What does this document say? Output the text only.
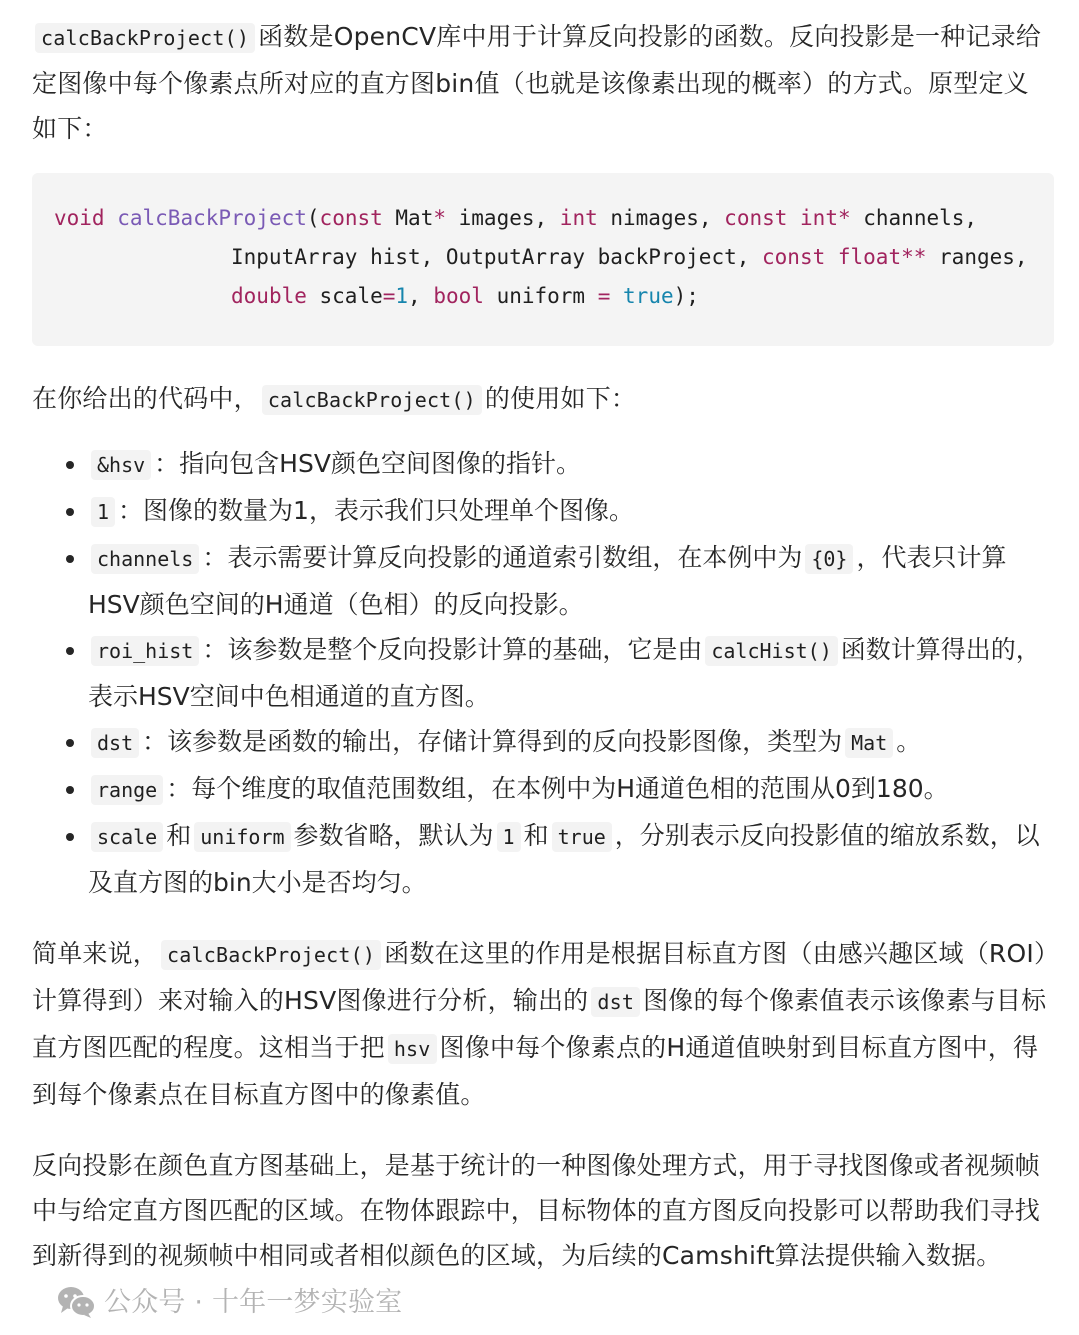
calcBackProject() 函数是OpenCV库中用于计算反向投影的函数。反向投影是一种记录给定图像中每个像素点所对应的直方图bin值（也就是该像素出现的概率）的方式。原型定义如下：

void calcBackProject(const Mat* images, int nimages, const int* channels,
InputArray hist, OutputArray backProject, const float** ranges,
double scale=1, bool uniform = true);

在你给出的代码中， calcBackProject() 的使用如下：

• &hsv ：指向包含HSV颜色空间图像的指针。
• 1 ：图像的数量为1，表示我们只处理单个图像。
• channels ：表示需要计算反向投影的通道索引数组，在本例中为 {0} ，代表只计算HSV颜色空间的H通道（色相）的反向投影。
• roi_hist ：该参数是整个反向投影计算的基础，它是由 calcHist() 函数计算得出的，表示HSV空间中色相通道的直方图。
• dst ：该参数是函数的输出，存储计算得到的反向投影图像，类型为 Mat 。
• range ：每个维度的取值范围数组，在本例中为H通道色相的范围从0到180。
• scale 和 uniform 参数省略，默认为 1 和 true ，分别表示反向投影值的缩放系数，以及直方图的bin大小是否均匀。

简单来说， calcBackProject() 函数在这里的作用是根据目标直方图（由感兴趣区域（ROI）计算得到）来对输入的HSV图像进行分析，输出的 dst 图像的每个像素值表示该像素与目标直方图匹配的程度。这相当于把 hsv 图像中每个像素点的H通道值映射到目标直方图中，得到每个像素点在目标直方图中的像素值。

反向投影在颜色直方图基础上，是基于统计的一种图像处理方式，用于寻找图像或者视频帧中与给定直方图匹配的区域。在物体跟踪中，目标物体的直方图反向投影可以帮助我们寻找到新得到的视频帧中相同或者相似颜色的区域，为后续的Camshift算法提供输入数据。
公众号 · 十年一梦实验室
